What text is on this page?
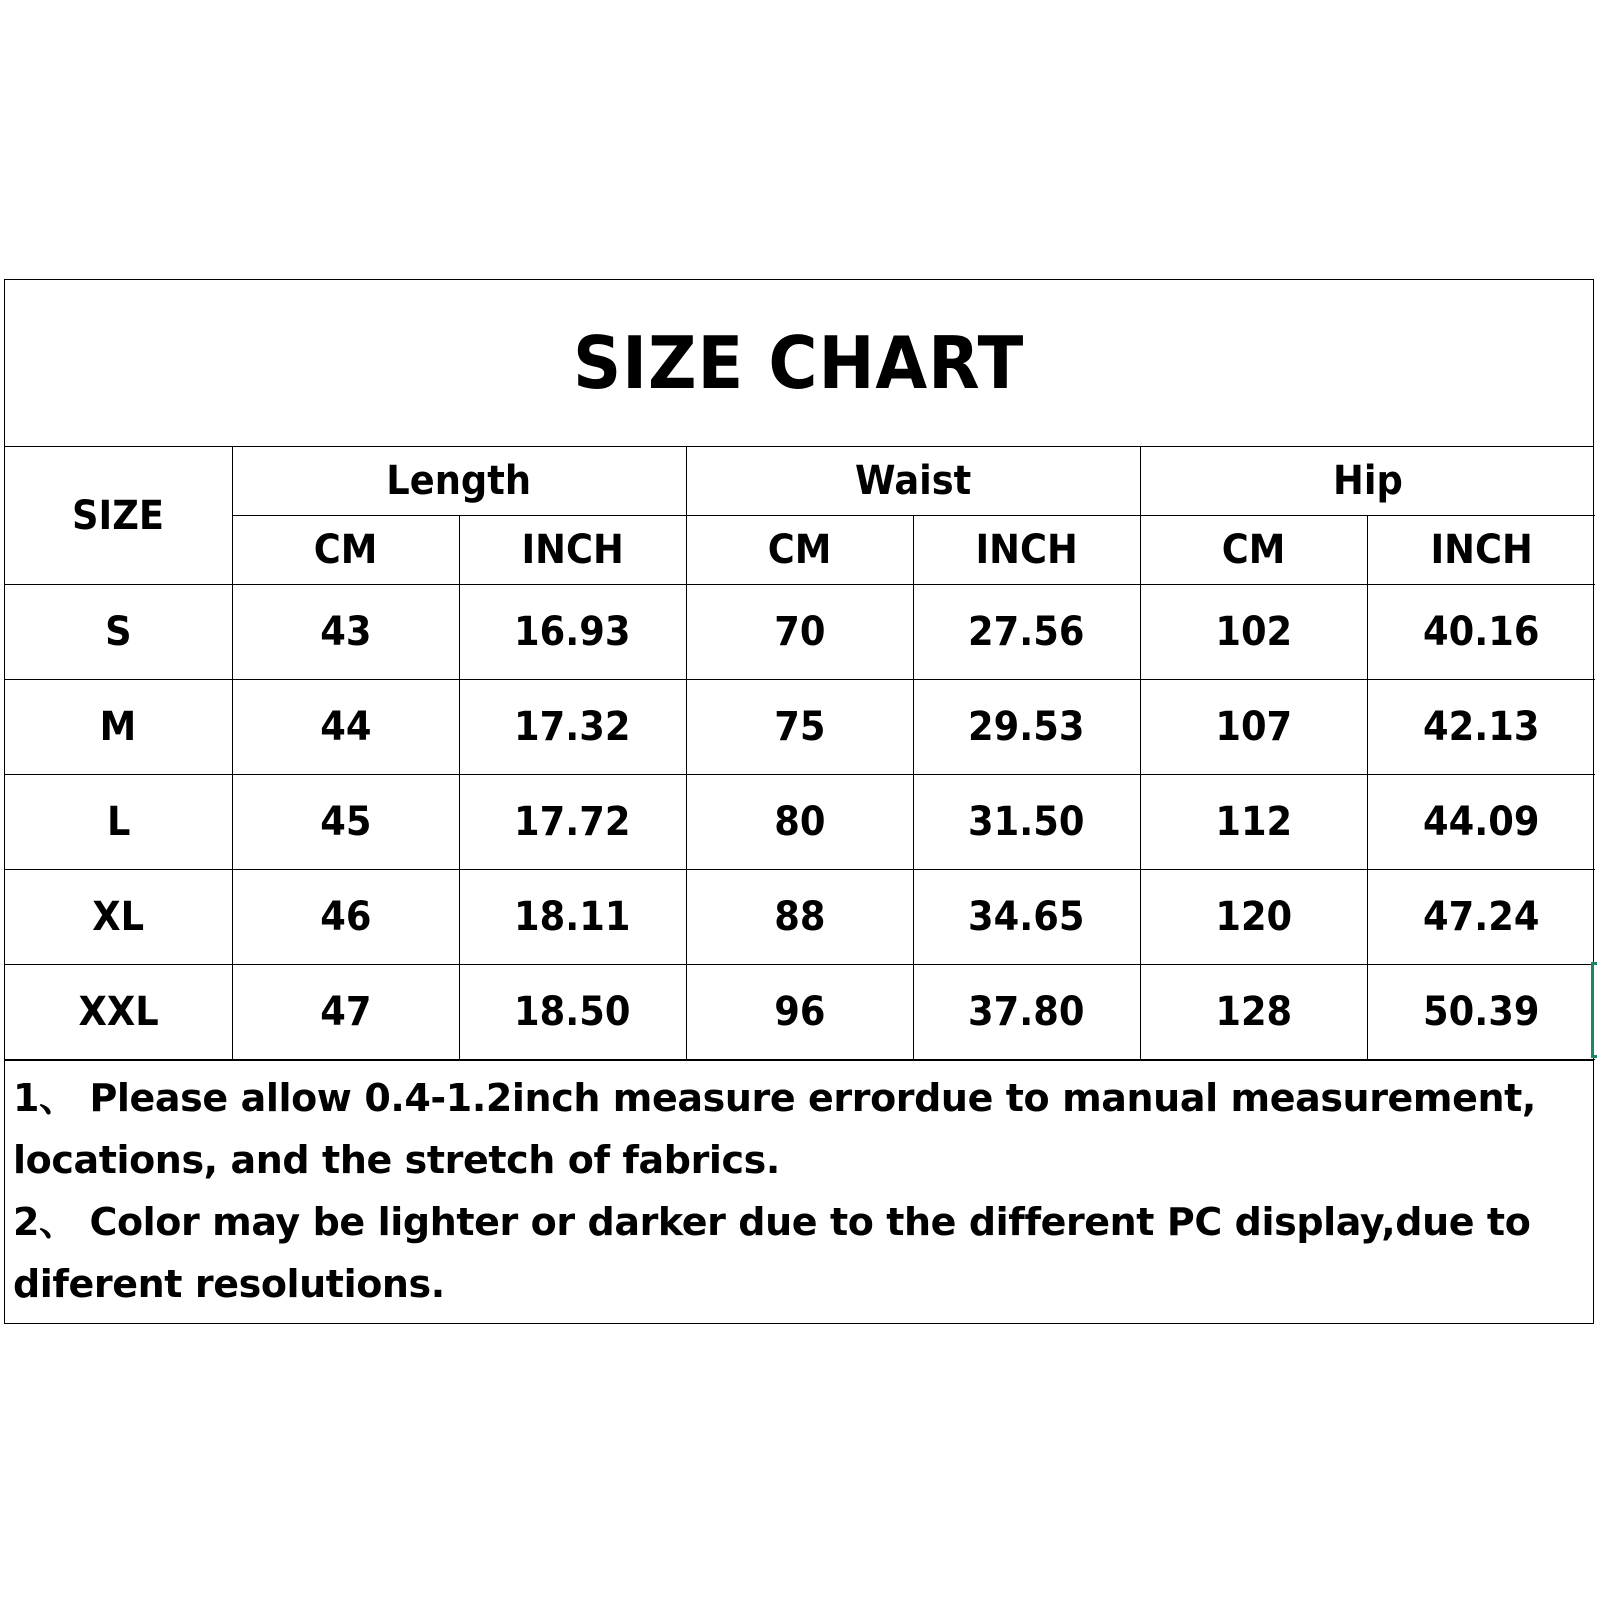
SIZE CHART
SIZE	Length		Waist		Hip	
	CM	INCH	CM	INCH	CM	INCH
S	43	16.93	70	27.56	102	40.16
M	44	17.32	75	29.53	107	42.13
L	45	17.72	80	31.50	112	44.09
XL	46	18.11	88	34.65	120	47.24
XXL	47	18.50	96	37.80	128	50.39

1、 Please allow 0.4-1.2inch measure errordue to manual measurement, locations, and the stretch of fabrics.

2、 Color may be lighter or darker due to the different PC display,due to diferent resolutions.
